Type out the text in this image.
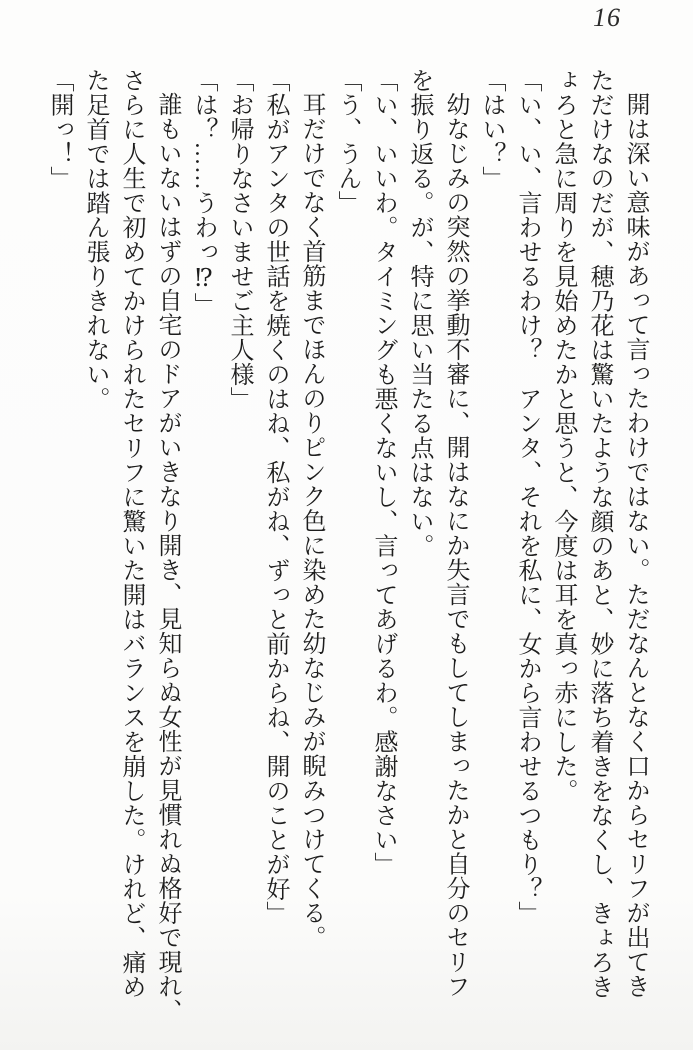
16
開は深い意味があって言ったわけではない。ただなんとなく口からセリフが出てき
ただけなのだが、穂乃花は驚いたような顔のあと、妙に落ち着きをなくし、きょろき
ょろと急に周りを見始めたかと思うと、今度は耳を真っ赤にした。
「い、い、言わせるわけ？　アンタ、それを私に、女から言わせるつもり？」
「はい？」
幼なじみの突然の挙動不審に、開はなにか失言でもしてしまったかと自分のセリフ
を振り返る。が、特に思い当たる点はない。
「い、いいわ。タイミングも悪くないし、言ってあげるわ。感謝なさい」
「う、うん」
耳だけでなく首筋までほんのりピンク色に染めた幼なじみが睨みつけてくる。
「私がアンタの世話を焼くのはね、私がね、ずっと前からね、開のことが好」
「お帰りなさいませご主人様」
「は？……うわっ⁉」
誰もいないはずの自宅のドアがいきなり開き、見知らぬ女性が見慣れぬ格好で現れ、
さらに人生で初めてかけられたセリフに驚いた開はバランスを崩した。けれど、痛め
た足首では踏ん張りきれない。
「開っ！」
